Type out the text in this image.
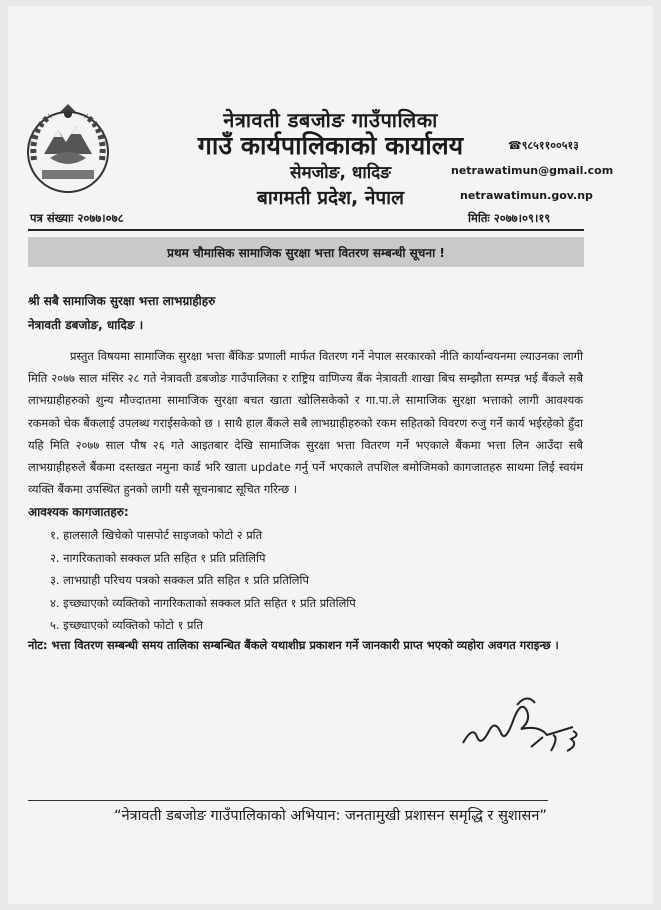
नेत्रावती डबजोङ गाउँपालिका
गाउँ कार्यपालिकाको कार्यालय
सेमजोङ, धादिङ
बागमती प्रदेश, नेपाल
☎९८५११००५१३
netrawatimun@gmail.com
netrawatimun.gov.np
पत्र संख्याः २०७७।०७८	मितिः २०७७।०९।१९
प्रथम चौमासिक सामाजिक सुरक्षा भत्ता वितरण सम्बन्धी सूचना !
श्री सबै सामाजिक सुरक्षा भत्ता लाभग्राहीहरु
नेत्रावती डबजोङ, धादिङ ।
प्रस्तुत विषयमा सामाजिक सुरक्षा भत्ता बैंकिङ प्रणाली मार्फत वितरण गर्ने नेपाल सरकारको नीति कार्यान्वयनमा ल्याउनका लागी मिति २०७७ साल मंसिर २८ गते नेत्रावती डबजोङ गाउँपालिका र राष्ट्रिय वाणिज्य बैंक नेत्रावती शाखा बिच सम्झौता सम्पन्न भई बैंकले सबै लाभग्राहीहरुको शुन्य मौज्दातमा सामाजिक सुरक्षा बचत खाता खोलिसकेको र गा.पा.ले सामाजिक सुरक्षा भत्ताको लागी आवश्यक रकमको चेक बैंकलाई उपलब्ध गराईसकेको छ । साथै हाल बैंकले सबै लाभग्राहीहरुको रकम सहितको विवरण रुजु गर्ने कार्य भईरहेको हुँदा यहि मिति २०७७ साल पौष २६ गते आइतबार देखि सामाजिक सुरक्षा भत्ता वितरण गर्ने भएकाले बैंकमा भत्ता लिन आउँदा सबै लाभग्राहीहरुले बैंकमा दस्तखत नमुना कार्ड भरि खाता update गर्नु पर्ने भएकाले तपशिल बमोजिमको कागजातहरु साथमा लिई स्वयंम व्यक्ति बैंकमा उपस्थित हुनको लागी यसै सूचनाबाट सूचित गरिन्छ ।
आवश्यक कागजातहरु:
१. हालसालै खिचेको पासपोर्ट साइजको फोटो २ प्रति
२. नागरिकताको सक्कल प्रति सहित १ प्रति प्रतिलिपि
३. लाभग्राही परिचय पत्रको सक्कल प्रति सहित १ प्रति प्रतिलिपि
४. इच्छ्याएको व्यक्तिको नागरिकताको सक्कल प्रति सहित १ प्रति प्रतिलिपि
५. इच्छ्याएको व्यक्तिको फोटो १ प्रति
नोट: भत्ता वितरण सम्बन्धी समय तालिका सम्बन्धित बैंकले यथाशीघ्र प्रकाशन गर्ने जानकारी प्राप्त भएको व्यहोरा अवगत गराइन्छ ।
“नेत्रावती डबजोङ गाउँपालिकाको अभियान: जनतामुखी प्रशासन समृद्धि र सुशासन”
